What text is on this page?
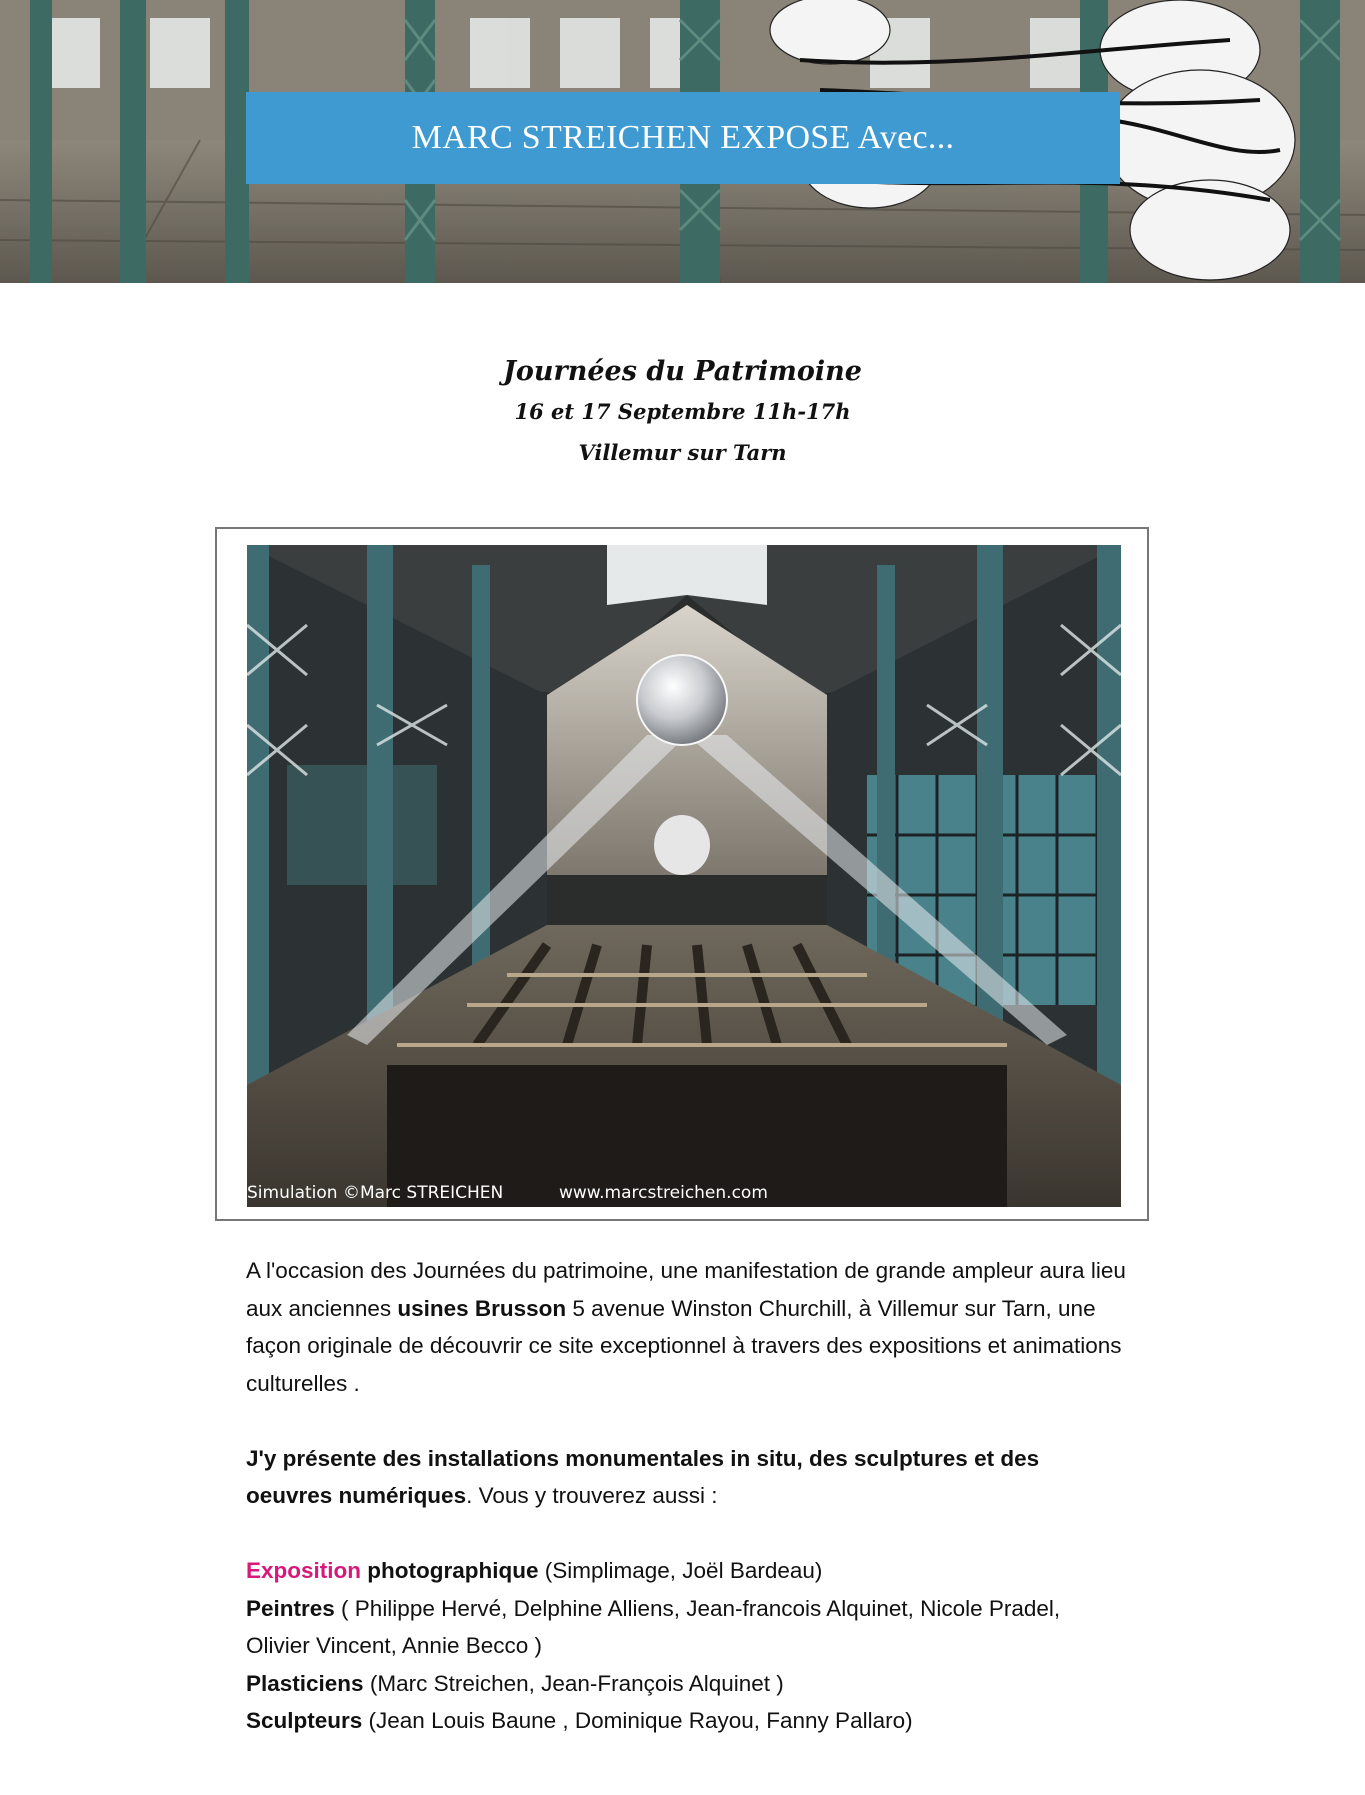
MARC STREICHEN EXPOSE Avec...
Journées du Patrimoine
16 et 17 Septembre 11h-17h
Villemur sur Tarn
Simulation ©Marc STREICHEN	www.marcstreichen.com

A l'occasion des Journées du patrimoine, une manifestation de grande ampleur aura lieu aux anciennes usines Brusson 5 avenue Winston Churchill, à Villemur sur Tarn, une façon originale de découvrir ce site exceptionnel à travers des expositions et animations culturelles .

J'y présente des installations monumentales in situ, des sculptures et des oeuvres numériques. Vous y trouverez aussi :

Exposition photographique (Simplimage, Joël Bardeau)

Peintres ( Philippe Hervé, Delphine Alliens, Jean-francois Alquinet, Nicole Pradel, Olivier Vincent, Annie Becco )

Plasticiens (Marc Streichen, Jean-François Alquinet )

Sculpteurs (Jean Louis Baune , Dominique Rayou, Fanny Pallaro)
